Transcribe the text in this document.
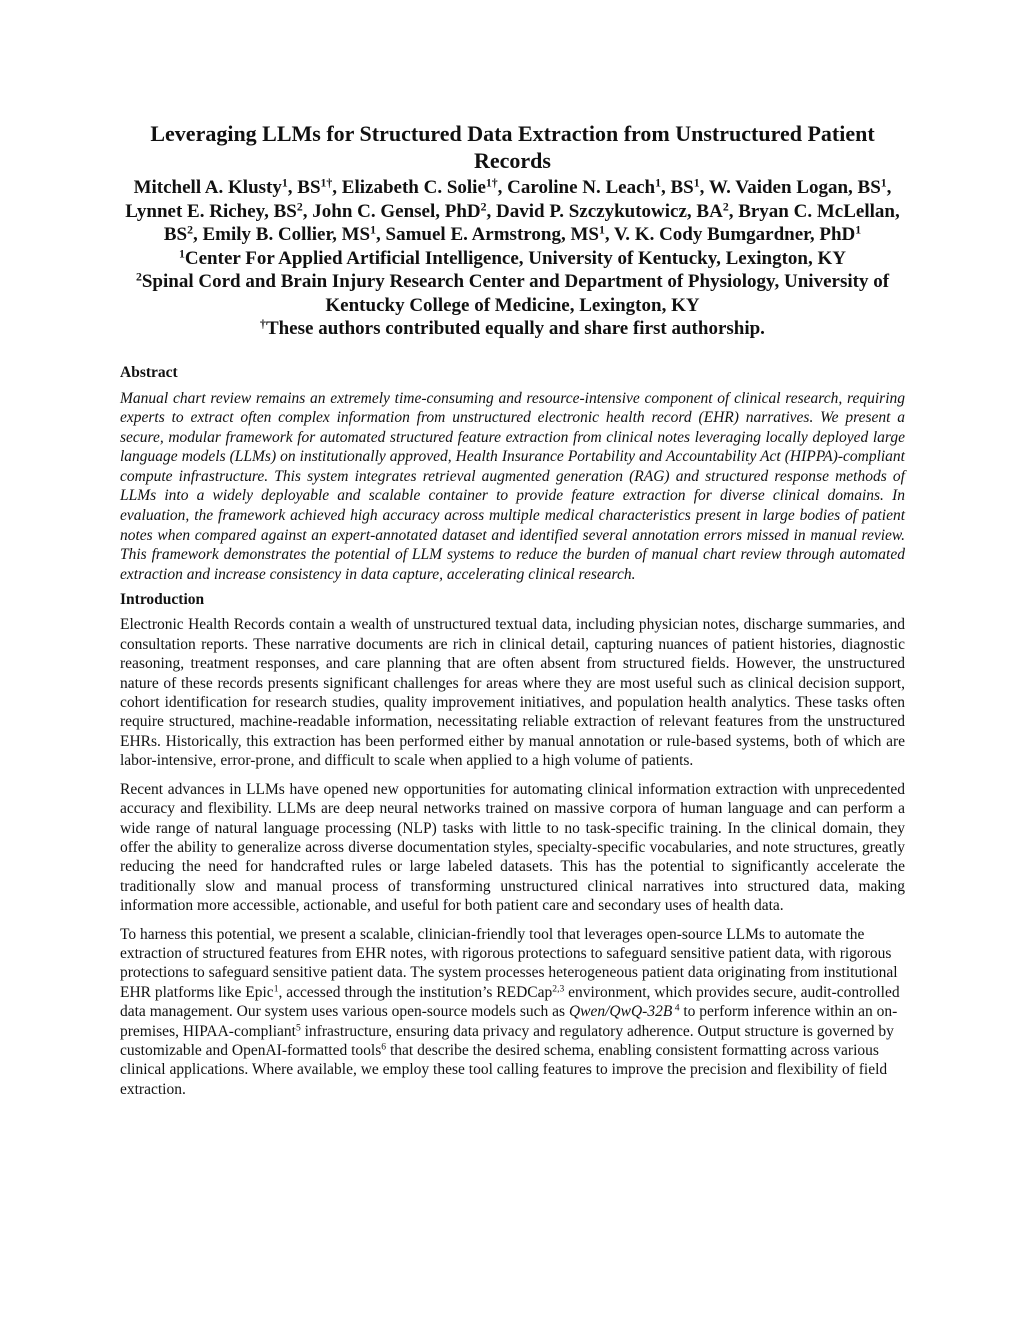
Leveraging LLMs for Structured Data Extraction from Unstructured Patient Records

Mitchell A. Klusty$^1$, $BS^{1\dagger}$, Elizabeth C. Solie$^{1\dagger}$, Caroline N. Leach$^1$, $BS^1$, W. Vaiden Logan, $BS^1$, Lynnet E. Richey, $BS^2$, John C. Gensel, PhD$^2$, David P. Szczykutowicz, $BA^2$, Bryan C. McLellan, $BS^2$, Emily B. Collier, $MS^1$, Samuel E. Armstrong, $MS^1$, V. K. Cody Bumgardner, PhD$^1$

$^1$Center For Applied Artificial Intelligence, University of Kentucky, Lexington, KY

$^2$Spinal Cord and Brain Injury Research Center and Department of Physiology, University of Kentucky College of Medicine, Lexington, KY

†These authors contributed equally and share first authorship.

Abstract

Manual chart review remains an extremely time-consuming and resource-intensive component of clinical research, requiring experts to extract often complex information from unstructured electronic health record (EHR) narratives. We present a secure, modular framework for automated structured feature extraction from clinical notes leveraging locally deployed large language models (LLMs) on institutionally approved, Health Insurance Portability and Accountability Act (HIPPA)-compliant compute infrastructure. This system integrates retrieval augmented generation (RAG) and structured response methods of LLMs into a widely deployable and scalable container to provide feature extraction for diverse clinical domains. In evaluation, the framework achieved high accuracy across multiple medical characteristics present in large bodies of patient notes when compared against an expert-annotated dataset and identified several annotation errors missed in manual review. This framework demonstrates the potential of LLM systems to reduce the burden of manual chart review through automated extraction and increase consistency in data capture, accelerating clinical research.

Introduction

Electronic Health Records contain a wealth of unstructured textual data, including physician notes, discharge summaries, and consultation reports. These narrative documents are rich in clinical detail, capturing nuances of patient histories, diagnostic reasoning, treatment responses, and care planning that are often absent from structured fields. However, the unstructured nature of these records presents significant challenges for areas where they are most useful such as clinical decision support, cohort identification for research studies, quality improvement initiatives, and population health analytics. These tasks often require structured, machine-readable information, necessitating reliable extraction of relevant features from the unstructured EHRs. Historically, this extraction has been performed either by manual annotation or rule-based systems, both of which are labor-intensive, error-prone, and difficult to scale when applied to a high volume of patients.

Recent advances in LLMs have opened new opportunities for automating clinical information extraction with unprecedented accuracy and flexibility. LLMs are deep neural networks trained on massive corpora of human language and can perform a wide range of natural language processing (NLP) tasks with little to no task-specific training. In the clinical domain, they offer the ability to generalize across diverse documentation styles, specialty-specific vocabularies, and note structures, greatly reducing the need for handcrafted rules or large labeled datasets. This has the potential to significantly accelerate the traditionally slow and manual process of transforming unstructured clinical narratives into structured data, making information more accessible, actionable, and useful for both patient care and secondary uses of health data.

To harness this potential, we present a scalable, clinician-friendly tool that leverages open-source LLMs to automate the extraction of structured features from EHR notes, with rigorous protections to safeguard sensitive patient data, with rigorous protections to safeguard sensitive patient data. The system processes heterogeneous patient data originating from institutional EHR platforms like Epic$^1$, accessed through the institution’s REDCap$^{2,3}$ environment, which provides secure, audit-controlled data management. Our system uses various open-source models such as Qwen/QwQ-32B $^4$ to perform inference within an on-premises, HIPAA-compliant$^5$ infrastructure, ensuring data privacy and regulatory adherence. Output structure is governed by customizable and OpenAI-formatted tools$^6$ that describe the desired schema, enabling consistent formatting across various clinical applications. Where available, we employ these tool calling features to improve the precision and flexibility of field extraction.
